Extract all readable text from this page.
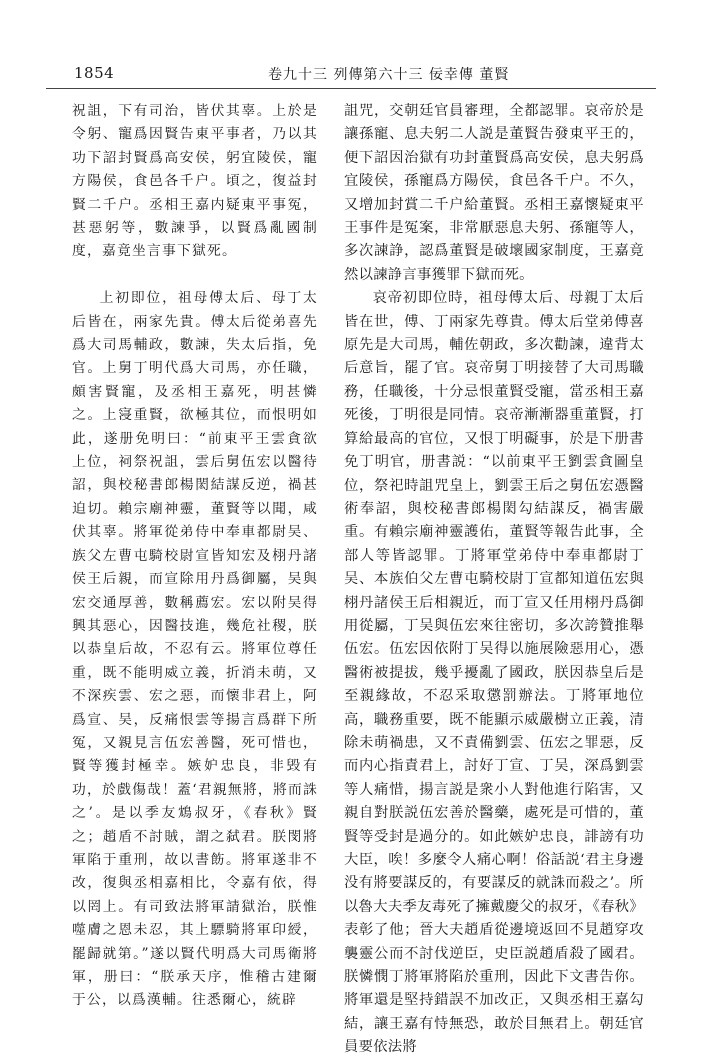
1854	卷九十三 列傳第六十三 佞幸傳 董賢

祝詛，下有司治，皆伏其辜。上於是令躬、寵爲因賢告東平事者，乃以其功下詔封賢爲高安侯，躬宜陵侯，寵方陽侯，食邑各千户。頃之，復益封賢二千户。丞相王嘉内疑東平事冤，甚惡躬等，數諫爭，以賢爲亂國制度，嘉竟坐言事下獄死。

上初即位，祖母傅太后、母丁太后皆在，兩家先貴。傅太后從弟喜先爲大司馬輔政，數諫，失太后指，免官。上舅丁明代爲大司馬，亦任職，頗害賢寵，及丞相王嘉死，明甚憐之。上寖重賢，欲極其位，而恨明如此，遂册免明曰：“前東平王雲貪欲上位，祠祭祝詛，雲后舅伍宏以醫待詔，與校秘書郎楊閎結謀反逆，禍甚迫切。賴宗廟神靈，董賢等以聞，咸伏其辜。將軍從弟侍中奉車都尉吴、族父左曹屯騎校尉宣皆知宏及栩丹諸侯王后親，而宣除用丹爲御屬，吴與宏交通厚善，數稱薦宏。宏以附吴得興其惡心，因醫技進，幾危社稷，朕以恭皇后故，不忍有云。將軍位尊任重，既不能明威立義，折消未萌，又不深疾雲、宏之惡，而懷非君上，阿爲宣、吴，反痛恨雲等揚言爲群下所冤，又親見言伍宏善醫，死可惜也，賢等獲封極幸。嫉妒忠良，非毁有功，於戲傷哉！蓋‘君親無將，將而誅之’。是以季友鴆叔牙，《春秋》賢之；趙盾不討賊，謂之弑君。朕閔將軍陷于重刑，故以書飭。將軍遂非不改，復與丞相嘉相比，令嘉有依，得以罔上。有司致法將軍請獄治，朕惟噬膚之恩未忍，其上驃騎將軍印綬，罷歸就第。”遂以賢代明爲大司馬衛將軍，册曰：“朕承天序，惟稽古建爾于公，以爲漢輔。往悉爾心，統辟

詛咒，交朝廷官員審理，全都認罪。哀帝於是讓孫寵、息夫躬二人説是董賢告發東平王的，便下詔因治獄有功封董賢爲高安侯，息夫躬爲宜陵侯，孫寵爲方陽侯，食邑各千户。不久，又增加封賞二千户給董賢。丞相王嘉懷疑東平王事件是冤案，非常厭惡息夫躬、孫寵等人，多次諫諍，認爲董賢是破壞國家制度，王嘉竟然以諫諍言事獲罪下獄而死。

哀帝初即位時，祖母傅太后、母親丁太后皆在世，傅、丁兩家先尊貴。傅太后堂弟傅喜原先是大司馬，輔佐朝政，多次勸諫，違背太后意旨，罷了官。哀帝舅丁明接替了大司馬職務，任職後，十分忌恨董賢受寵，當丞相王嘉死後，丁明很是同情。哀帝漸漸器重董賢，打算給最高的官位，又恨丁明礙事，於是下册書免丁明官，册書説：“以前東平王劉雲貪圖皇位，祭祀時詛咒皇上，劉雲王后之舅伍宏憑醫術奉詔，與校秘書郎楊閎勾結謀反，禍害嚴重。有賴宗廟神靈護佑，董賢等報告此事，全部人等皆認罪。丁將軍堂弟侍中奉車都尉丁吴、本族伯父左曹屯騎校尉丁宣都知道伍宏與栩丹諸侯王后相親近，而丁宣又任用栩丹爲御用從屬，丁吴與伍宏來往密切，多次誇贊推舉伍宏。伍宏因依附丁吴得以施展險惡用心，憑醫術被提拔，幾乎擾亂了國政，朕因恭皇后是至親緣故，不忍采取懲罰辦法。丁將軍地位高，職務重要，既不能顯示威嚴樹立正義，清除未萌禍患，又不責備劉雲、伍宏之罪惡，反而内心指責君上，討好丁宣、丁吴，深爲劉雲等人痛惜，揚言説是衆小人對他進行陷害，又親自對朕説伍宏善於醫藥，處死是可惜的，董賢等受封是過分的。如此嫉妒忠良，誹謗有功大臣，唉！多麼令人痛心啊！俗話説‘君主身邊没有將要謀反的，有要謀反的就誅而殺之’。所以魯大夫季友毒死了擁戴慶父的叔牙，《春秋》表彰了他；晉大夫趙盾從邊境返回不見趙穿攻襲靈公而不討伐逆臣，史臣説趙盾殺了國君。朕憐憫丁將軍將陷於重刑，因此下文書告你。將軍還是堅持錯誤不加改正，又與丞相王嘉勾結，讓王嘉有恃無恐，敢於目無君上。朝廷官員要依法將
